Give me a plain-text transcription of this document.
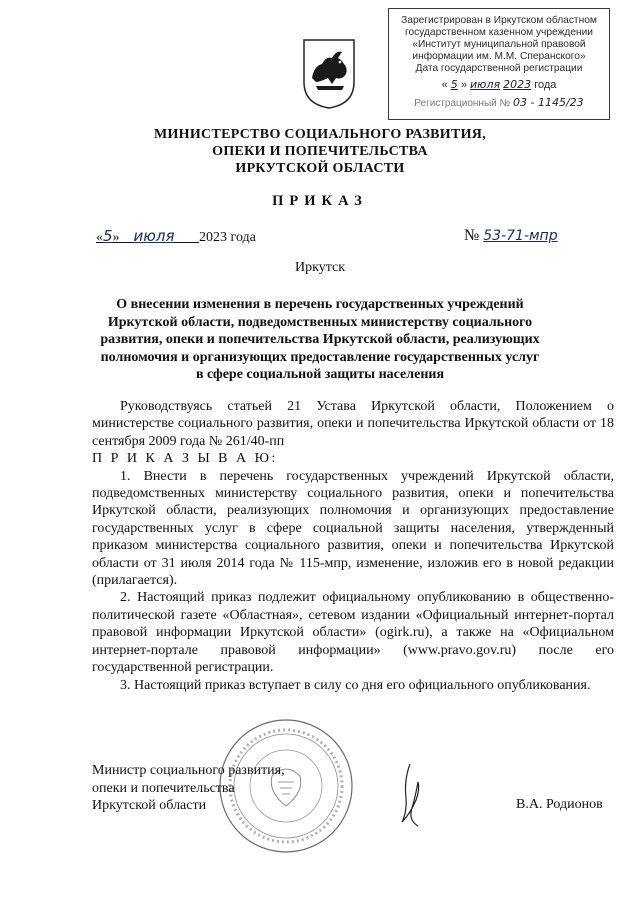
Зарегистрирован в Иркутском областном
государственном казенном учреждении
«Институт муниципальной правовой
информации им. М.М. Сперанского»
Дата государственной регистрации
« 5 » июля 2023 года
Регистрационный № 03 - 1145/23
МИНИСТЕРСТВО СОЦИАЛЬНОГО РАЗВИТИЯ,
ОПЕКИ И ПОПЕЧИТЕЛЬСТВА
ИРКУТСКОЙ ОБЛАСТИ
ПРИКАЗ
«5» июля 2023 года	№ 53-71-мпр
Иркутск
О внесении изменения в перечень государственных учреждений Иркутской области, подведомственных министерству социального развития, опеки и попечительства Иркутской области, реализующих полномочия и организующих предоставление государственных услуг в сфере социальной защиты населения

Руководствуясь статьей 21 Устава Иркутской области, Положением о министерстве социального развития, опеки и попечительства Иркутской области от 18 сентября 2009 года № 261/40-пп

П Р И К А З Ы В А Ю:

1. Внести в перечень государственных учреждений Иркутской области, подведомственных министерству социального развития, опеки и попечительства Иркутской области, реализующих полномочия и организующих предоставление государственных услуг в сфере социальной защиты населения, утвержденный приказом министерства социального развития, опеки и попечительства Иркутской области от 31 июля 2014 года № 115-мпр, изменение, изложив его в новой редакции (прилагается).

2. Настоящий приказ подлежит официальному опубликованию в общественно-политической газете «Областная», сетевом издании «Официальный интернет-портал правовой информации Иркутской области» (ogirk.ru), а также на «Официальном интернет-портале правовой информации» (www.pravo.gov.ru) после его государственной регистрации.

3. Настоящий приказ вступает в силу со дня его официального опубликования.

Министр социального развития,
опеки и попечительства
Иркутской области	В.А. Родионов
